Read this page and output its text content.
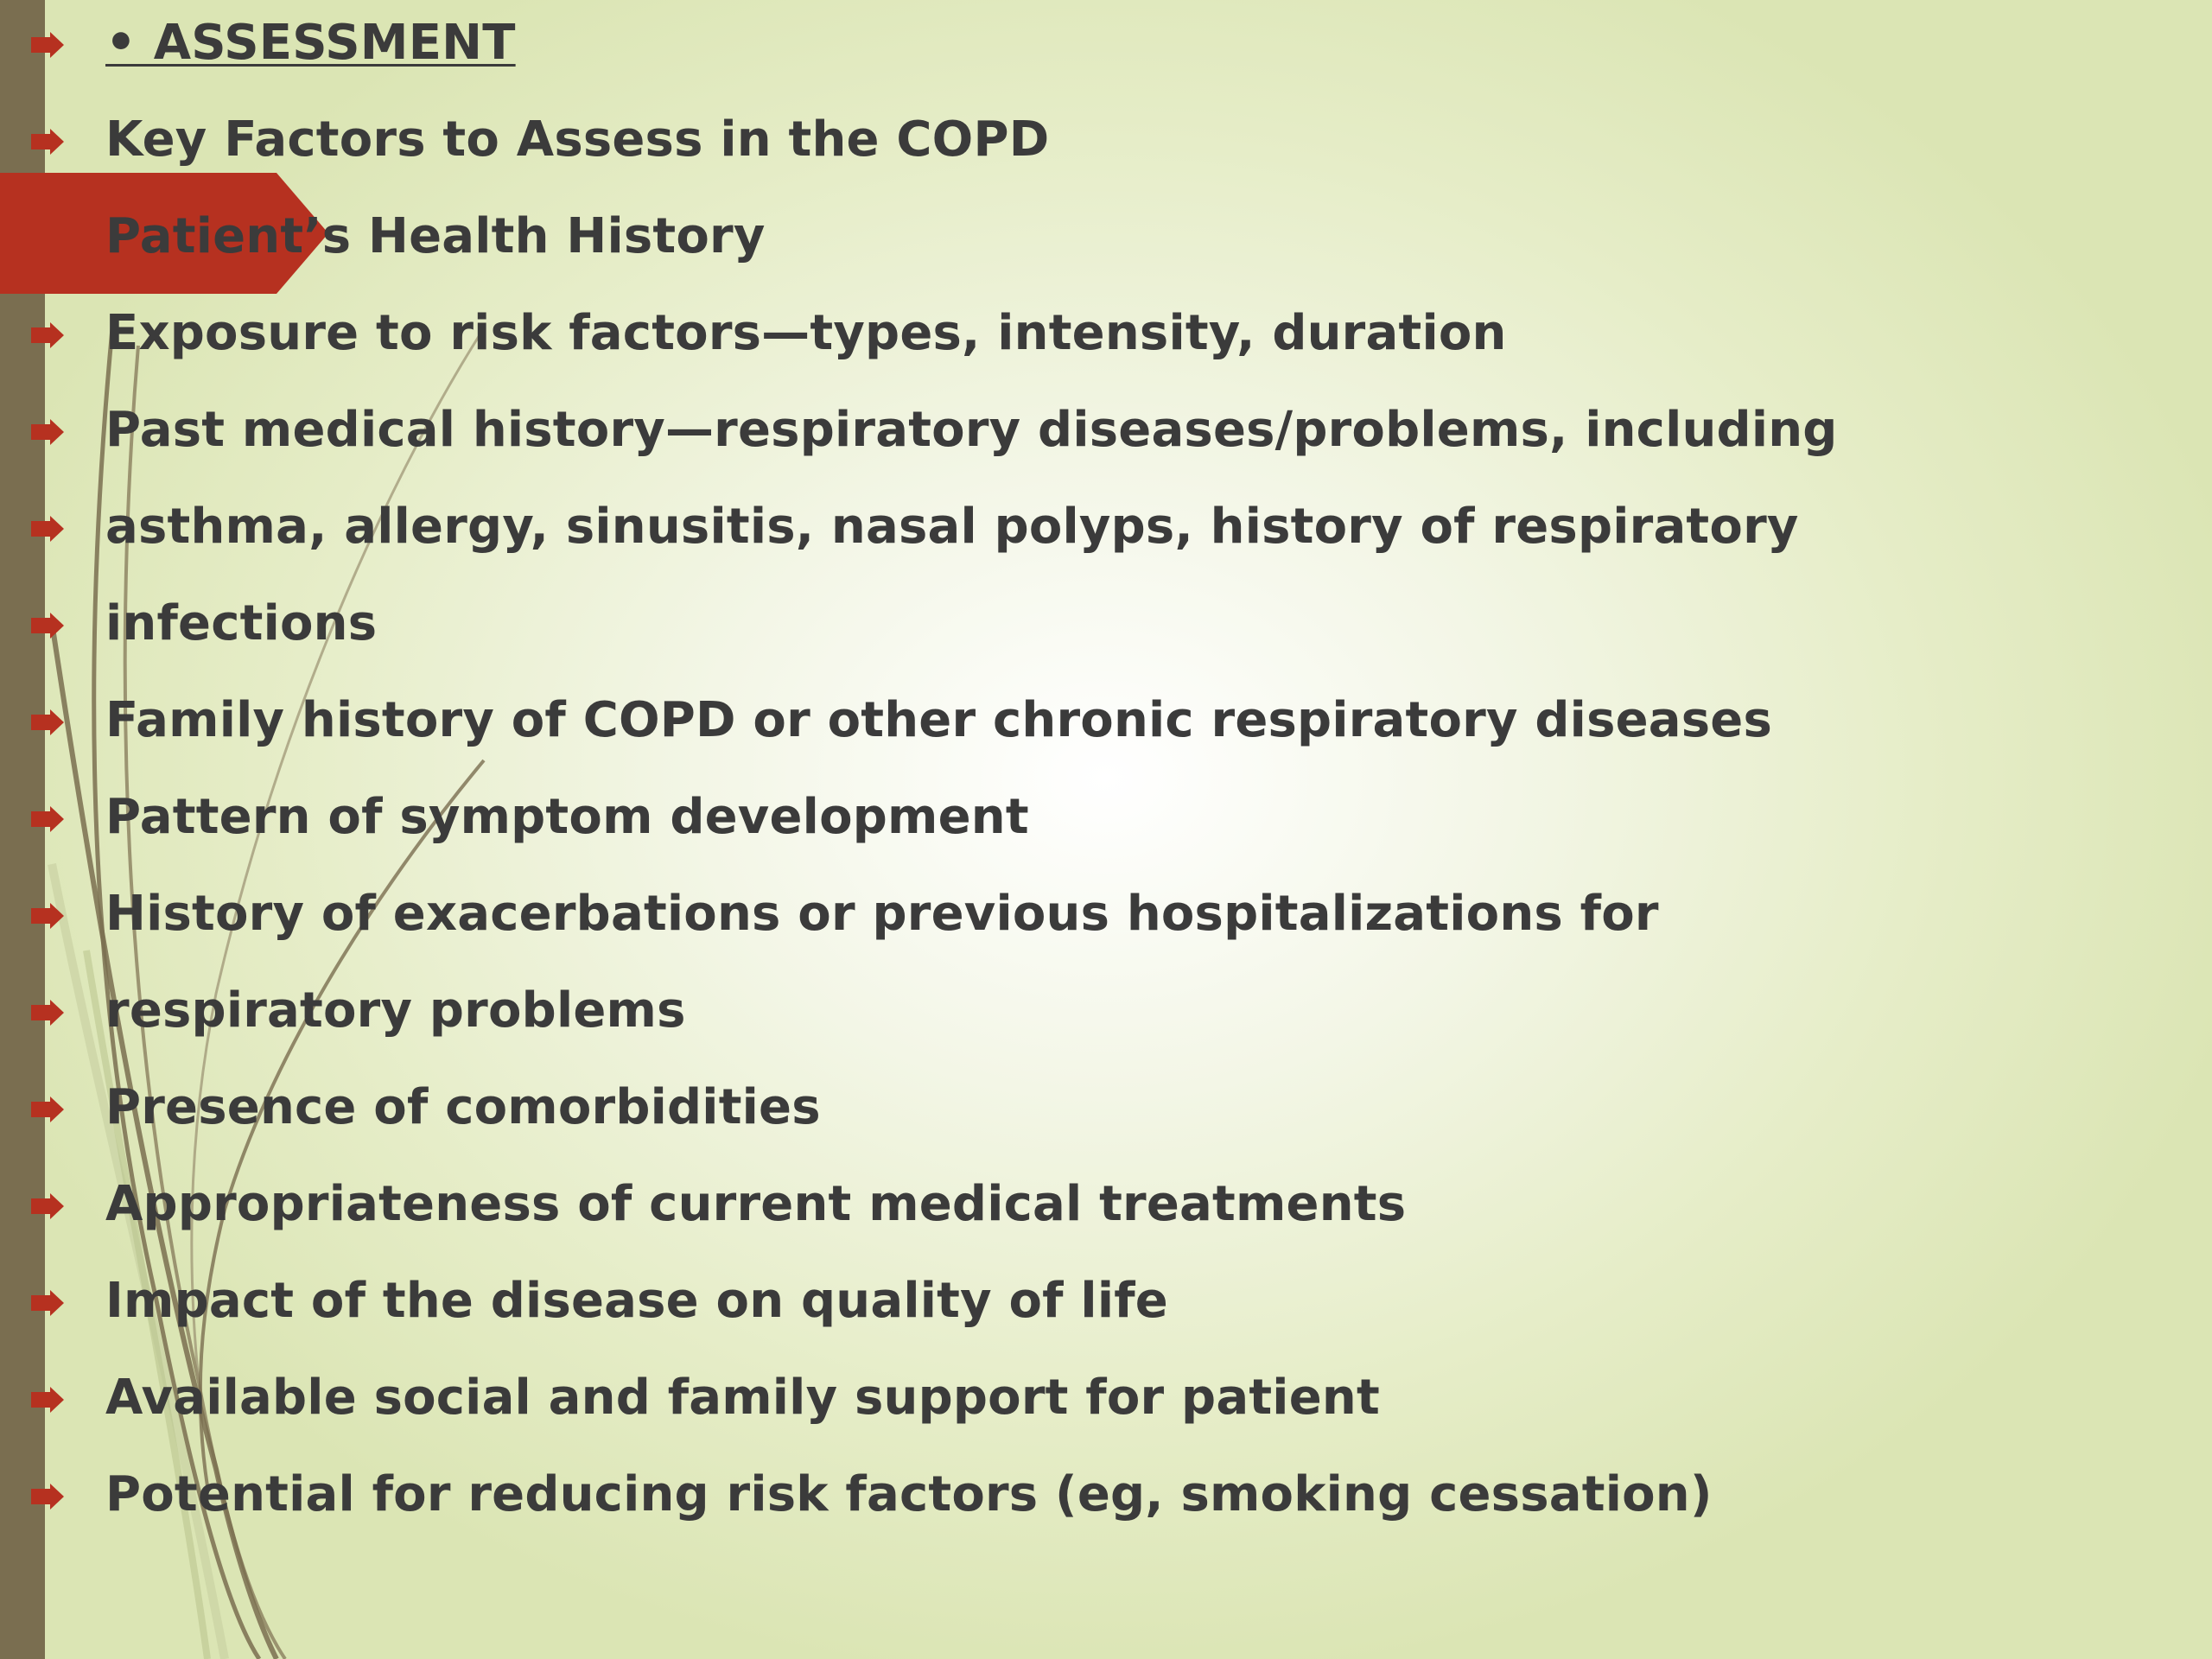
• ASSESSMENT
Key Factors to Assess in the COPD
Patient’s Health History
Exposure to risk factors—types, intensity, duration
Past medical history—respiratory diseases/problems, including
asthma, allergy, sinusitis, nasal polyps, history of respiratory
infections
Family history of COPD or other chronic respiratory diseases
Pattern of symptom development
History of exacerbations or previous hospitalizations for
respiratory problems
Presence of comorbidities
Appropriateness of current medical treatments
Impact of the disease on quality of life
Available social and family support for patient
Potential for reducing risk factors (eg, smoking cessation)
